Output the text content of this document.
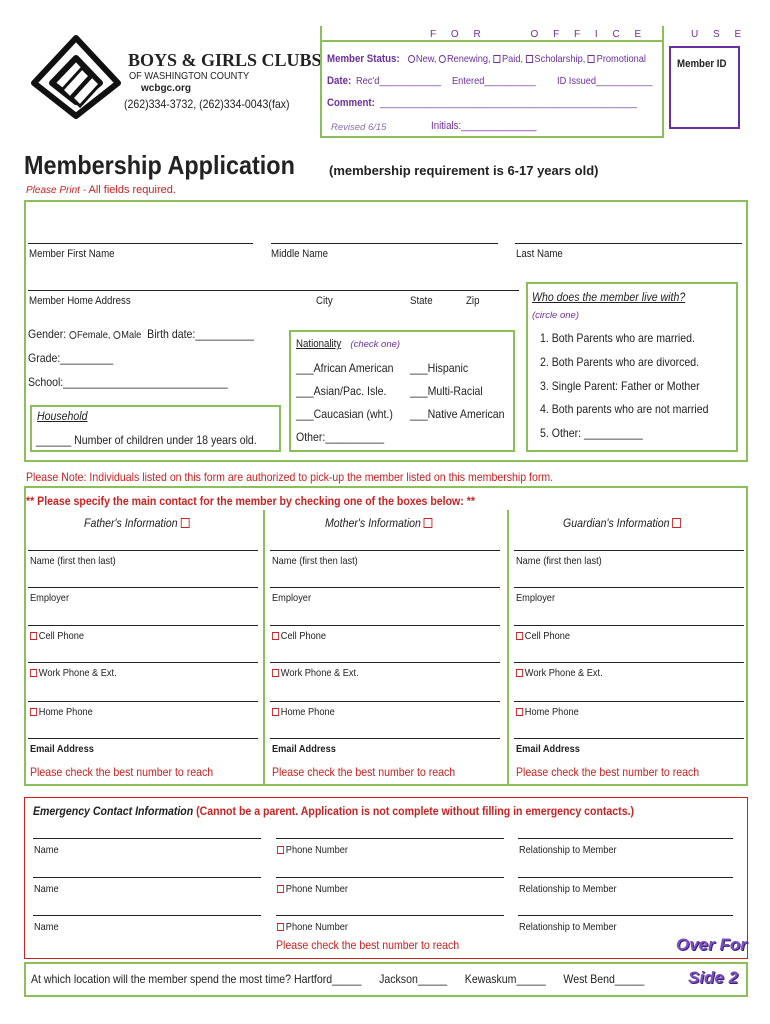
BOYS & GIRLS CLUBS
OF WASHINGTON COUNTY
wcbgc.org
(262)334-3732, (262)334-0043(fax)
F O R     O F F I C E     U S E
Member Status:	New, Renewing, Paid, Scholarship, Promotional
Date: Rec'd____________ Entered__________ ID Issued___________
Comment: __________________________________________________
Revised 6/15	Initials:______________
Member ID
Membership Application	(membership requirement is 6-17 years old)
Please Print - All fields required.
Member First Name	Middle Name	Last Name
Member Home Address	City	State	Zip
Gender: Female, Male Birth date:__________
Grade:_________
School:____________________________
Household
______ Number of children under 18 years old.
Nationality (check one)
___African American ___Hispanic
___Asian/Pac. Isle. ___Multi-Racial
___Caucasian (wht.) ___Native American
Other:__________
Who does the member live with?
(circle one)
1. Both Parents who are married.
2. Both Parents who are divorced.
3. Single Parent: Father or Mother
4. Both parents who are not married
5. Other: __________
Please Note: Individuals listed on this form are authorized to pick-up the member listed on this membership form.
** Please specify the main contact for the member by checking one of the boxes below: **
Father's Information
Name (first then last)
Employer
Cell Phone
Work Phone & Ext.
Home Phone
Email Address
Please check the best number to reach
Mother's Information
Name (first then last)
Employer
Cell Phone
Work Phone & Ext.
Home Phone
Email Address
Please check the best number to reach
Guardian's Information
Name (first then last)
Employer
Cell Phone
Work Phone & Ext.
Home Phone
Email Address
Please check the best number to reach
Emergency Contact Information (Cannot be a parent. Application is not complete without filling in emergency contacts.)
Name	Phone Number	Relationship to Member
Name	Phone Number	Relationship to Member
Name	Phone Number	Relationship to Member
Please check the best number to reach	Over For
At which location will the member spend the most time? Hartford_____ Jackson_____ Kewaskum_____ West Bend_____	Side 2
